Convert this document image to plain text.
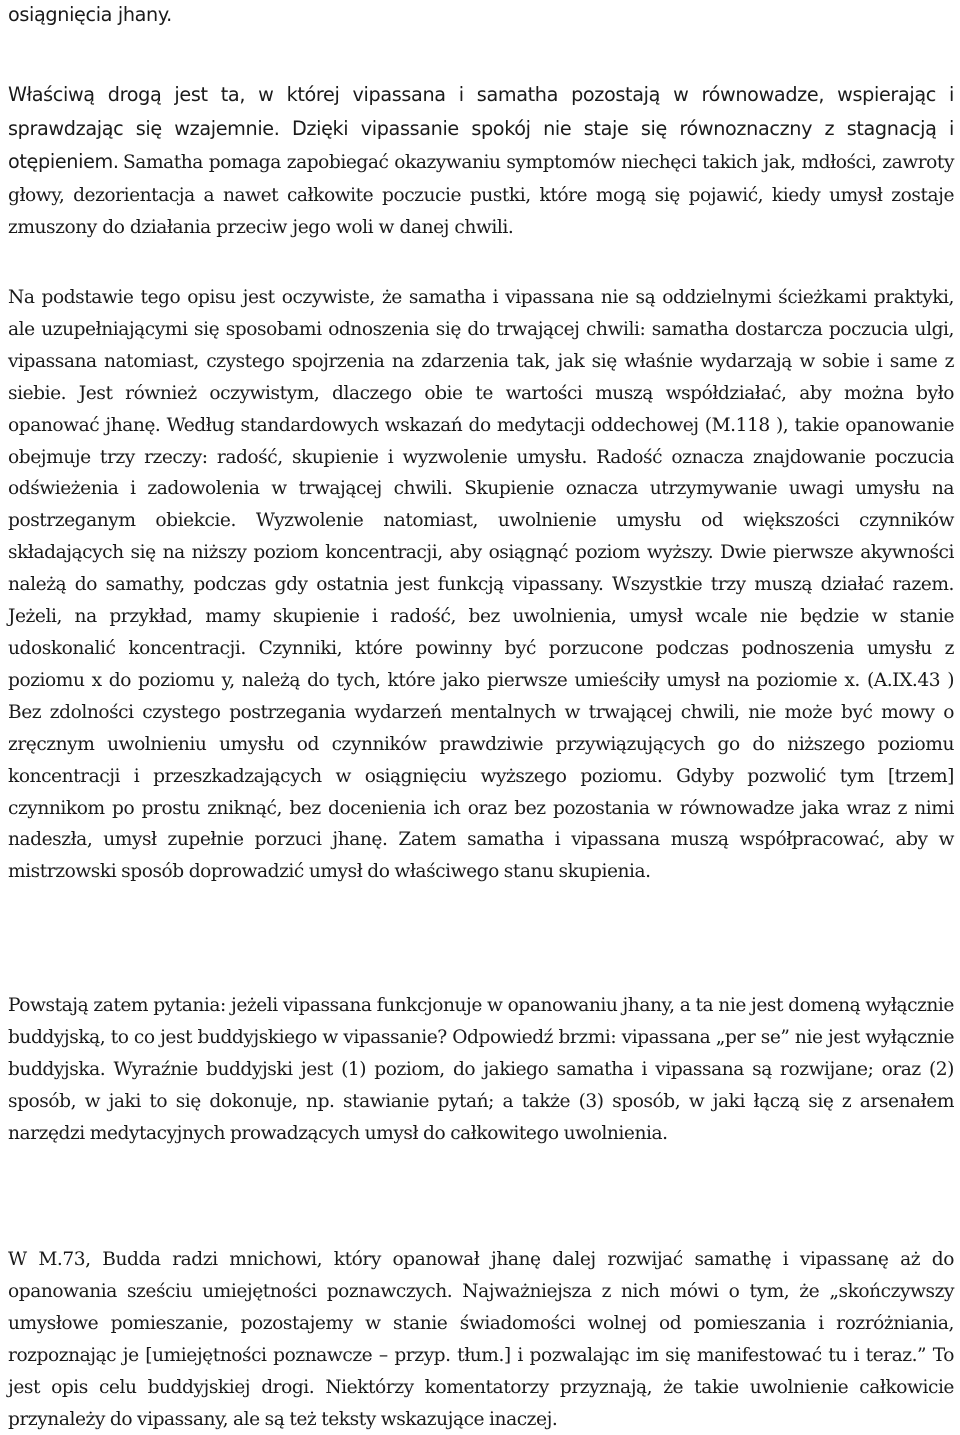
osiągnięcia jhany.

Właściwą drogą jest ta, w której vipassana i samatha pozostają w równowadze, wspierając i sprawdzając się wzajemnie. Dzięki vipassanie spokój nie staje się równoznaczny z stagnacją i otępieniem. Samatha pomaga zapobiegać okazywaniu symptomów niechęci takich jak, mdłości, zawroty głowy, dezorientacja a nawet całkowite poczucie pustki, które mogą się pojawić, kiedy umysł zostaje zmuszony do działania przeciw jego woli w danej chwili.

Na podstawie tego opisu jest oczywiste, że samatha i vipassana nie są oddzielnymi ścieżkami praktyki, ale uzupełniającymi się sposobami odnoszenia się do trwającej chwili: samatha dostarcza poczucia ulgi, vipassana natomiast, czystego spojrzenia na zdarzenia tak, jak się właśnie wydarzają w sobie i same z siebie. Jest również oczywistym, dlaczego obie te wartości muszą współdziałać, aby można było opanować jhanę. Według standardowych wskazań do medytacji oddechowej (M.118 ), takie opanowanie obejmuje trzy rzeczy: radość, skupienie i wyzwolenie umysłu. Radość oznacza znajdowanie poczucia odświeżenia i zadowolenia w trwającej chwili. Skupienie oznacza utrzymywanie uwagi umysłu na postrzeganym obiekcie. Wyzwolenie natomiast, uwolnienie umysłu od większości czynników składających się na niższy poziom koncentracji, aby osiągnąć poziom wyższy. Dwie pierwsze akywności należą do samathy, podczas gdy ostatnia jest funkcją vipassany. Wszystkie trzy muszą działać razem. Jeżeli, na przykład, mamy skupienie i radość, bez uwolnienia, umysł wcale nie będzie w stanie udoskonalić koncentracji. Czynniki, które powinny być porzucone podczas podnoszenia umysłu z poziomu x do poziomu y, należą do tych, które jako pierwsze umieściły umysł na poziomie x. (A.IX.43 ) Bez zdolności czystego postrzegania wydarzeń mentalnych w trwającej chwili, nie może być mowy o zręcznym uwolnieniu umysłu od czynników prawdziwie przywiązujących go do niższego poziomu koncentracji i przeszkadzających w osiągnięciu wyższego poziomu. Gdyby pozwolić tym [trzem] czynnikom po prostu zniknąć, bez docenienia ich oraz bez pozostania w równowadze jaka wraz z nimi nadeszła, umysł zupełnie porzuci jhanę. Zatem samatha i vipassana muszą współpracować, aby w mistrzowski sposób doprowadzić umysł do właściwego stanu skupienia.

Powstają zatem pytania: jeżeli vipassana funkcjonuje w opanowaniu jhany, a ta nie jest domeną wyłącznie buddyjską, to co jest buddyjskiego w vipassanie? Odpowiedź brzmi: vipassana „per se” nie jest wyłącznie buddyjska. Wyraźnie buddyjski jest (1) poziom, do jakiego samatha i vipassana są rozwijane; oraz (2) sposób, w jaki to się dokonuje, np. stawianie pytań; a także (3) sposób, w jaki łączą się z arsenałem narzędzi medytacyjnych prowadzących umysł do całkowitego uwolnienia.

W M.73, Budda radzi mnichowi, który opanował jhanę dalej rozwijać samathę i vipassanę aż do opanowania sześciu umiejętności poznawczych. Najważniejsza z nich mówi o tym, że „skończywszy umysłowe pomieszanie, pozostajemy w stanie świadomości wolnej od pomieszania i rozróżniania, rozpoznając je [umiejętności poznawcze – przyp. tłum.] i pozwalając im się manifestować tu i teraz.” To jest opis celu buddyjskiej drogi. Niektórzy komentatorzy przyznają, że takie uwolnienie całkowicie przynależy do vipassany, ale są też teksty wskazujące inaczej.
